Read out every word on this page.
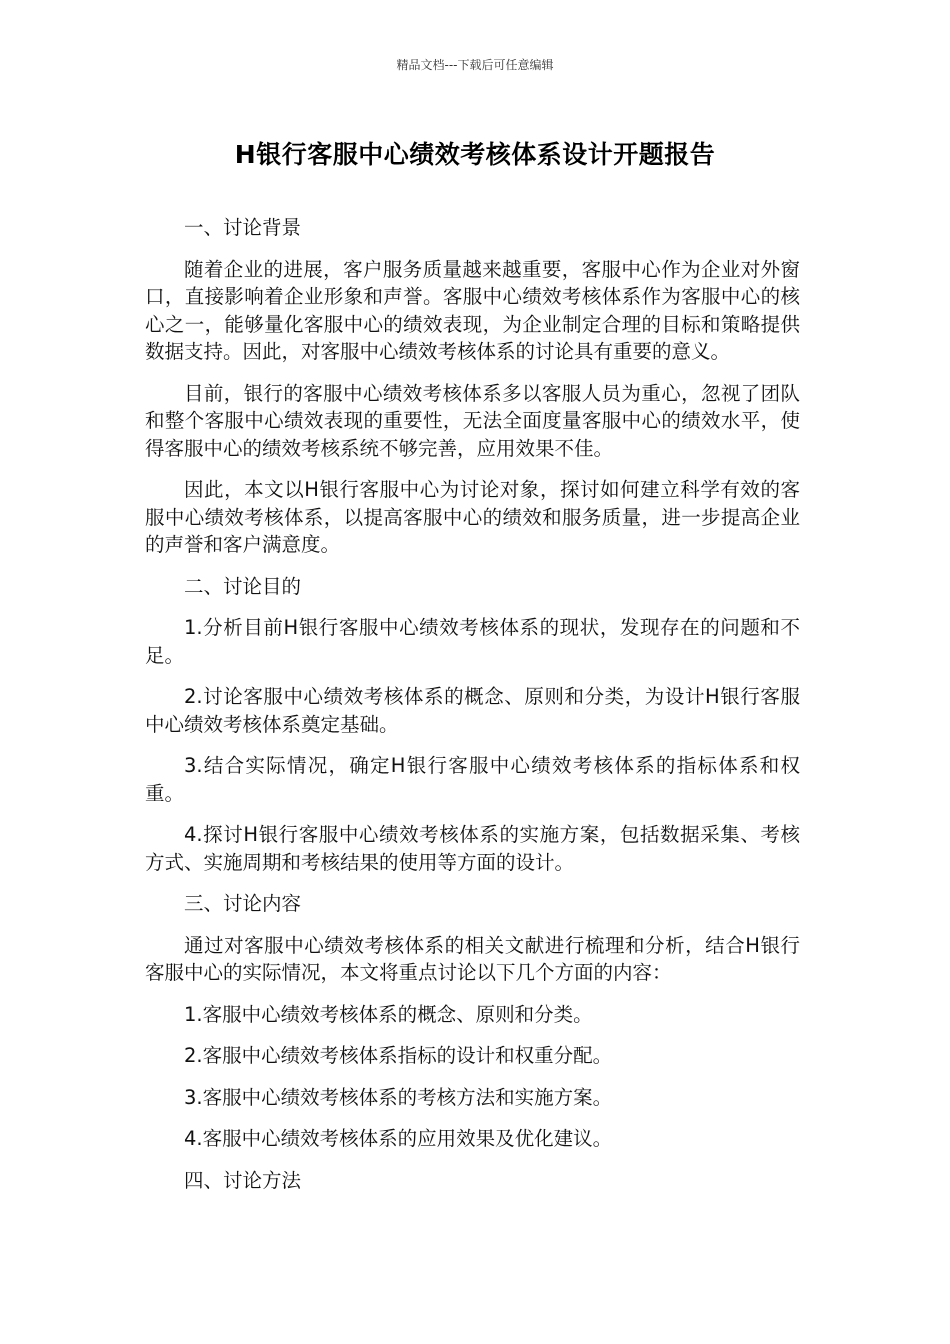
精品文档---下载后可任意编辑
H银行客服中心绩效考核体系设计开题报告

一、讨论背景

随着企业的进展，客户服务质量越来越重要，客服中心作为企业对外窗口，直接影响着企业形象和声誉。客服中心绩效考核体系作为客服中心的核心之一，能够量化客服中心的绩效表现，为企业制定合理的目标和策略提供数据支持。因此，对客服中心绩效考核体系的讨论具有重要的意义。

目前，银行的客服中心绩效考核体系多以客服人员为重心，忽视了团队和整个客服中心绩效表现的重要性，无法全面度量客服中心的绩效水平，使得客服中心的绩效考核系统不够完善，应用效果不佳。

因此，本文以H银行客服中心为讨论对象，探讨如何建立科学有效的客服中心绩效考核体系，以提高客服中心的绩效和服务质量，进一步提高企业的声誉和客户满意度。

二、讨论目的

1.分析目前H银行客服中心绩效考核体系的现状，发现存在的问题和不足。

2.讨论客服中心绩效考核体系的概念、原则和分类，为设计H银行客服中心绩效考核体系奠定基础。

3.结合实际情况，确定H银行客服中心绩效考核体系的指标体系和权重。

4.探讨H银行客服中心绩效考核体系的实施方案，包括数据采集、考核方式、实施周期和考核结果的使用等方面的设计。

三、讨论内容

通过对客服中心绩效考核体系的相关文献进行梳理和分析，结合H银行客服中心的实际情况，本文将重点讨论以下几个方面的内容：

1.客服中心绩效考核体系的概念、原则和分类。

2.客服中心绩效考核体系指标的设计和权重分配。

3.客服中心绩效考核体系的考核方法和实施方案。

4.客服中心绩效考核体系的应用效果及优化建议。

四、讨论方法
